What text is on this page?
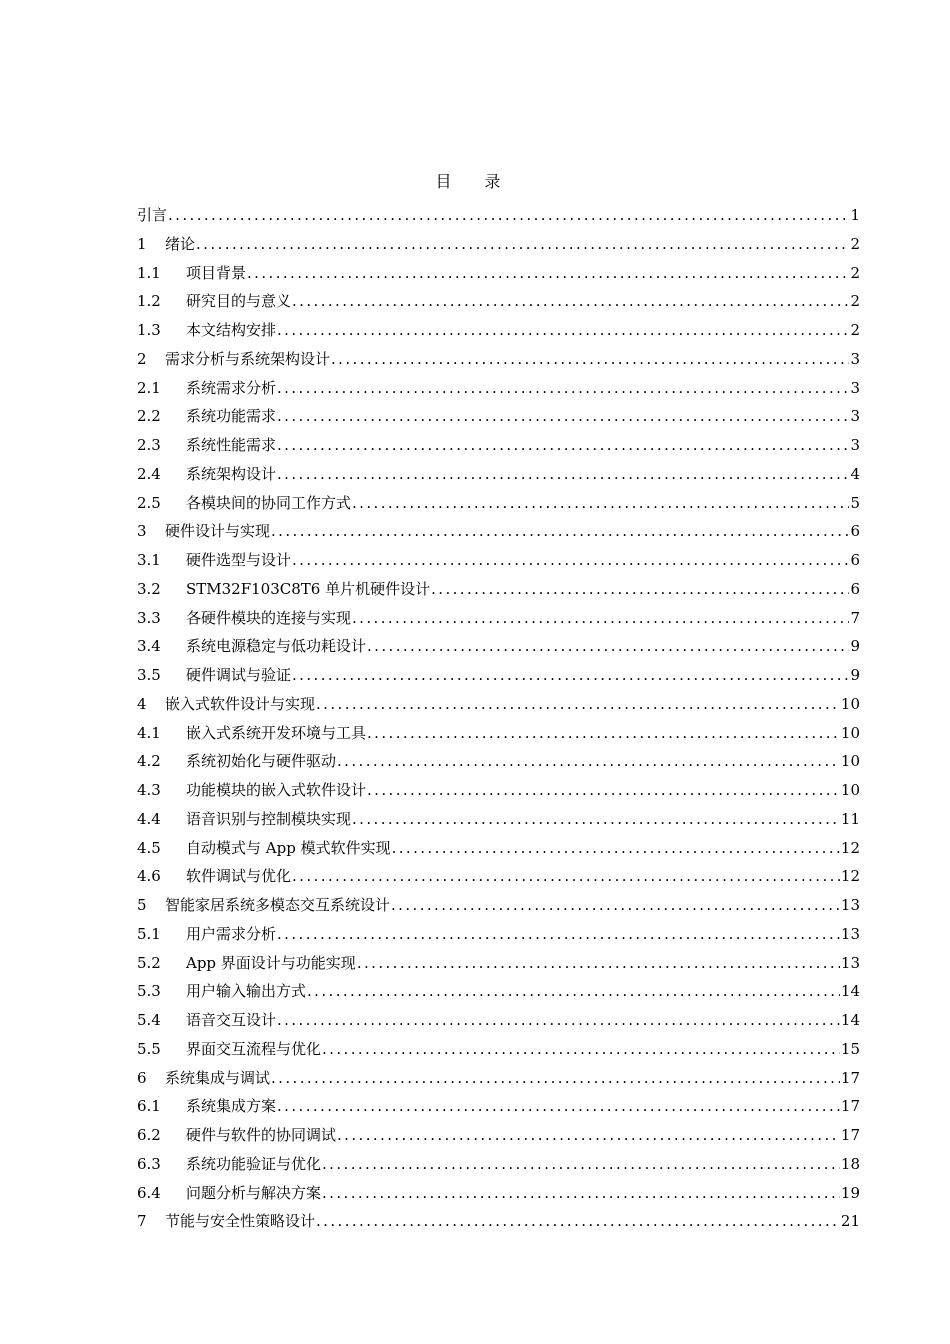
目 录
引言 .....	1
1	绪论 .....	2
1.1	项目背景 .....	2
1.2	研究目的与意义 .....	2
1.3	本文结构安排 .....	2
2	需求分析与系统架构设计 .....	3
2.1	系统需求分析 .....	3
2.2	系统功能需求 .....	3
2.3	系统性能需求 .....	3
2.4	系统架构设计 .....	4
2.5	各模块间的协同工作方式 .....	5
3	硬件设计与实现 .....	6
3.1	硬件选型与设计 .....	6
3.2	STM32F103C8T6 单片机硬件设计 .....	6
3.3	各硬件模块的连接与实现 .....	7
3.4	系统电源稳定与低功耗设计 .....	9
3.5	硬件调试与验证 .....	9
4	嵌入式软件设计与实现 .....	10
4.1	嵌入式系统开发环境与工具 .....	10
4.2	系统初始化与硬件驱动 .....	10
4.3	功能模块的嵌入式软件设计 .....	10
4.4	语音识别与控制模块实现 .....	11
4.5	自动模式与 App 模式软件实现 .....	12
4.6	软件调试与优化 .....	12
5	智能家居系统多模态交互系统设计 .....	13
5.1	用户需求分析 .....	13
5.2	App 界面设计与功能实现 .....	13
5.3	用户输入输出方式 .....	14
5.4	语音交互设计 .....	14
5.5	界面交互流程与优化 .....	15
6	系统集成与调试 .....	17
6.1	系统集成方案 .....	17
6.2	硬件与软件的协同调试 .....	17
6.3	系统功能验证与优化 .....	18
6.4	问题分析与解决方案 .....	19
7	节能与安全性策略设计 .....	21
